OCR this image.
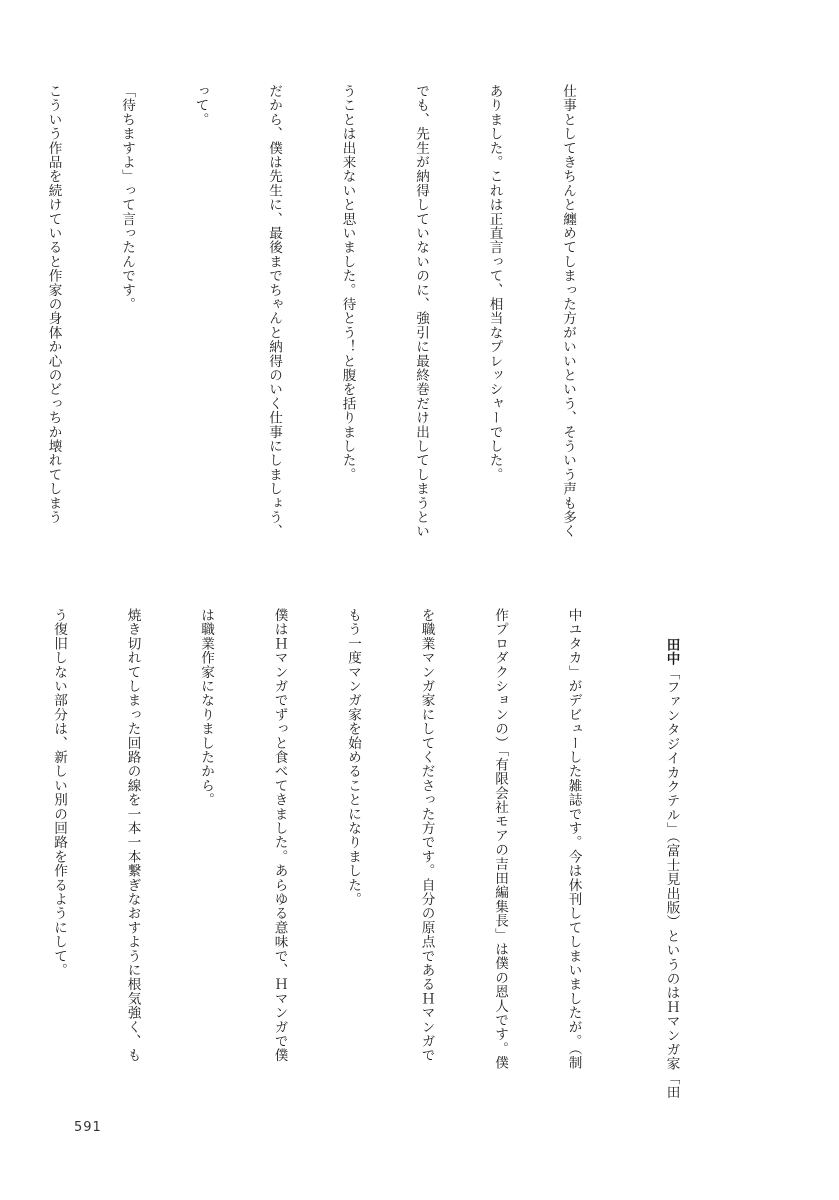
仕事としてきちんと纏めてしまった方がいいという、そういう声も多く

ありました。これは正直言って、相当なプレッシャーでした。

でも、先生が納得していないのに、強引に最終巻だけ出してしまうとい

うことは出来ないと思いました。待とう！と腹を括りました。

だから、僕は先生に、最後までちゃんと納得のいく仕事にしましょう、

って。

「待ちますよ」って言ったんです。

こういう作品を続けていると作家の身体か心のどっちか壊れてしまう

田中「ファンタジイカクテル」（富士見出版）というのはＨマンガ家「田

中ユタカ」がデビューした雑誌です。今は休刊してしまいましたが。（制

作プロダクションの）「有限会社モアの吉田編集長」は僕の恩人です。僕

を職業マンガ家にしてくださった方です。自分の原点であるＨマンガで

もう一度マンガ家を始めることになりました。

僕はＨマンガでずっと食べてきました。あらゆる意味で、Ｈマンガで僕

は職業作家になりましたから。

焼き切れてしまった回路の線を一本一本繋ぎなおすように根気強く、も

う復旧しない部分は、新しい別の回路を作るようにして。

591
